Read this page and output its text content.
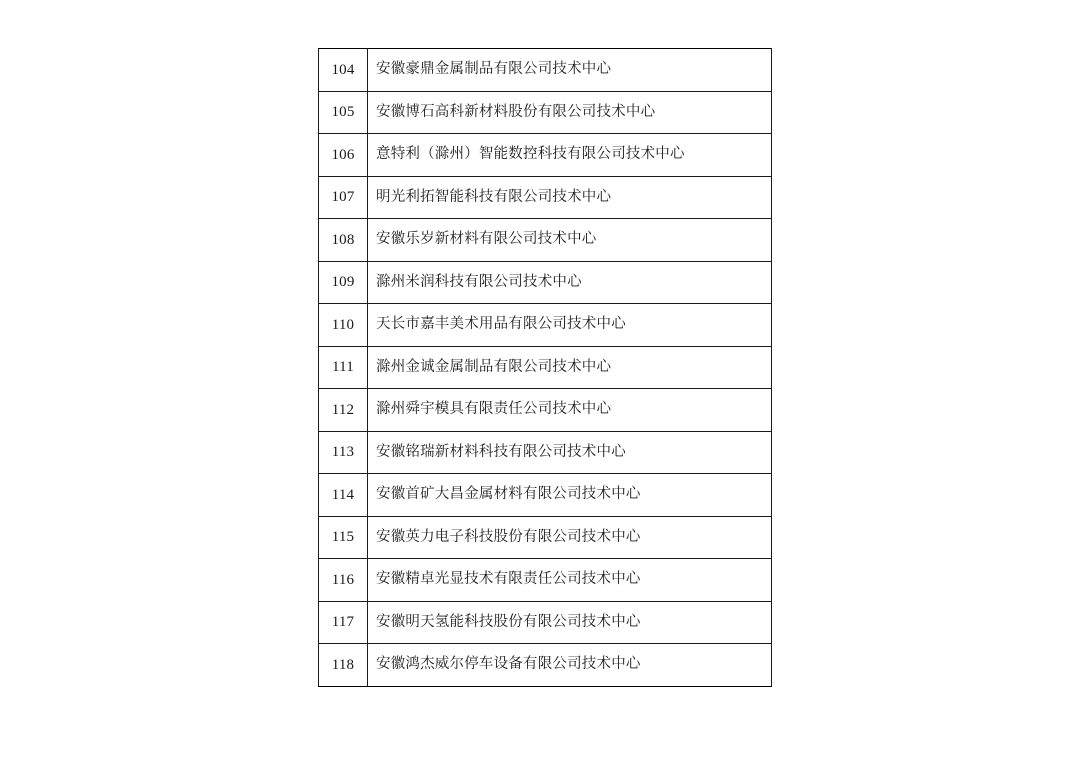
104	安徽豪鼎金属制品有限公司技术中心
105	安徽博石高科新材料股份有限公司技术中心
106	意特利（滁州）智能数控科技有限公司技术中心
107	明光利拓智能科技有限公司技术中心
108	安徽乐岁新材料有限公司技术中心
109	滁州米润科技有限公司技术中心
110	天长市嘉丰美术用品有限公司技术中心
111	滁州金诚金属制品有限公司技术中心
112	滁州舜宇模具有限责任公司技术中心
113	安徽铭瑞新材料科技有限公司技术中心
114	安徽首矿大昌金属材料有限公司技术中心
115	安徽英力电子科技股份有限公司技术中心
116	安徽精卓光显技术有限责任公司技术中心
117	安徽明天氢能科技股份有限公司技术中心
118	安徽鸿杰威尔停车设备有限公司技术中心
